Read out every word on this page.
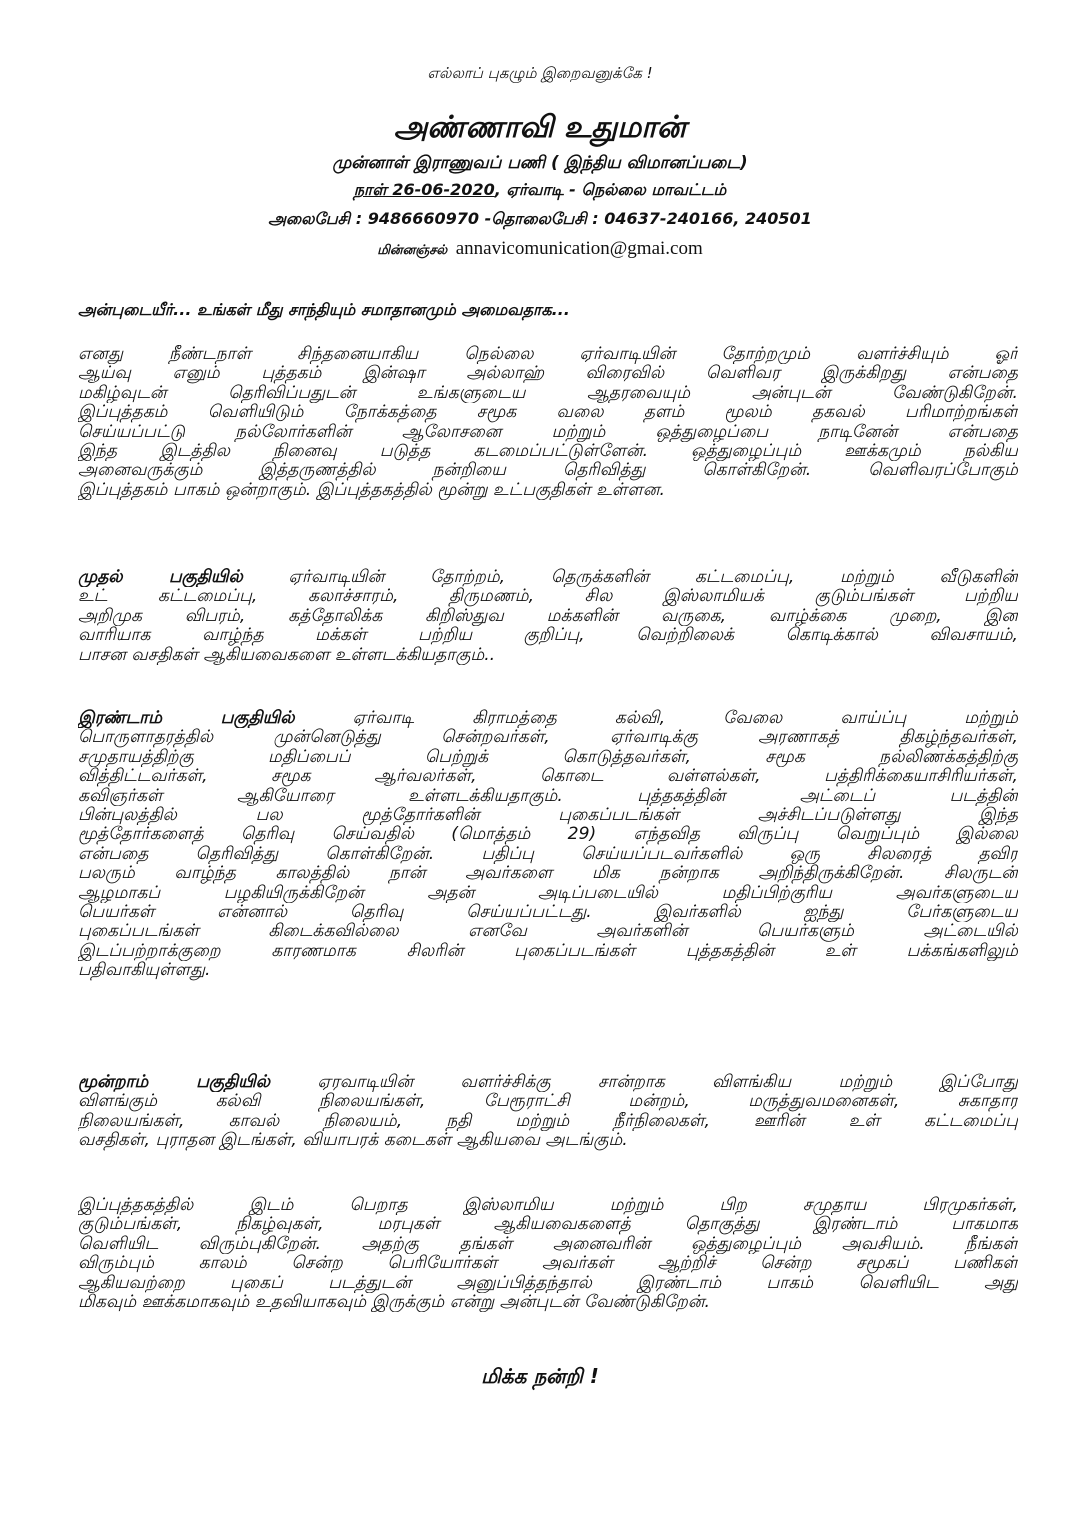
எல்லாப் புகழும் இறைவனுக்கே !
அண்ணாவி உதுமான்
முன்னாள் இராணுவப் பணி ( இந்திய விமானப்படை)
நாள் 26-06-2020, ஏர்வாடி - நெல்லை மாவட்டம்
அலைபேசி : 9486660970 -தொலைபேசி : 04637-240166, 240501
மின்னஞ்சல் annavicomunication@gmai.com
அன்புடையீர்... உங்கள் மீது சாந்தியும் சமாதானமும் அமைவதாக...
எனது நீண்டநாள் சிந்தனையாகிய நெல்லை ஏர்வாடியின் தோற்றமும் வளர்ச்சியும் ஓர்
ஆய்வு எனும் புத்தகம் இன்ஷா அல்லாஹ் விரைவில் வெளிவர இருக்கிறது என்பதை
மகிழ்வுடன் தெரிவிப்பதுடன் உங்களுடைய ஆதரவையும் அன்புடன் வேண்டுகிறேன்.
இப்புத்தகம் வெளியிடும் நோக்கத்தை சமூக வலை தளம் மூலம் தகவல் பரிமாற்றங்கள்
செய்யப்பட்டு நல்லோர்களின் ஆலோசனை மற்றும் ஒத்துழைப்பை நாடினேன் என்பதை
இந்த இடத்தில நினைவு படுத்த கடமைப்பட்டுள்ளேன். ஒத்துழைப்பும் ஊக்கமும் நல்கிய
அனைவருக்கும் இத்தருணத்தில் நன்றியை தெரிவித்து கொள்கிறேன். வெளிவரப்போகும்
இப்புத்தகம் பாகம் ஒன்றாகும். இப்புத்தகத்தில் மூன்று உட்பகுதிகள் உள்ளன.
முதல் பகுதியில் ஏர்வாடியின் தோற்றம், தெருக்களின் கட்டமைப்பு, மற்றும் வீடுகளின்
உட் கட்டமைப்பு, கலாச்சாரம், திருமணம், சில இஸ்லாமியக் குடும்பங்கள் பற்றிய
அறிமுக விபரம், கத்தோலிக்க கிறிஸ்துவ மக்களின் வருகை, வாழ்க்கை முறை, இன
வாரியாக வாழ்ந்த மக்கள் பற்றிய குறிப்பு, வெற்றிலைக் கொடிக்கால் விவசாயம்,
பாசன வசதிகள் ஆகியவைகளை உள்ளடக்கியதாகும்..
இரண்டாம் பகுதியில் ஏர்வாடி கிராமத்தை கல்வி, வேலை வாய்ப்பு மற்றும்
பொருளாதரத்தில் முன்னெடுத்து சென்றவர்கள், ஏர்வாடிக்கு அரணாகத் திகழ்ந்தவர்கள்,
சமுதாயத்திற்கு மதிப்பைப் பெற்றுக் கொடுத்தவர்கள், சமூக நல்லிணக்கத்திற்கு
வித்திட்டவர்கள், சமூக ஆர்வலர்கள், கொடை வள்ளல்கள், பத்திரிக்கையாசிரியர்கள்,
கவிஞர்கள் ஆகியோரை உள்ளடக்கியதாகும். புத்தகத்தின் அட்டைப் படத்தின்
பின்புலத்தில் பல மூத்தோர்களின் புகைப்படங்கள் அச்சிடப்படுள்ளது இந்த
மூத்தோர்களைத் தெரிவு செய்வதில் (மொத்தம் 29) எந்தவித விருப்பு வெறுப்பும் இல்லை
என்பதை தெரிவித்து கொள்கிறேன். பதிப்பு செய்யப்படவர்களில் ஒரு சிலரைத் தவிர
பலரும் வாழ்ந்த காலத்தில் நான் அவர்களை மிக நன்றாக அறிந்திருக்கிறேன். சிலருடன்
ஆழமாகப் பழகியிருக்கிறேன் அதன் அடிப்படையில் மதிப்பிற்குரிய அவர்களுடைய
பெயர்கள் என்னால் தெரிவு செய்யப்பட்டது. இவர்களில் ஐந்து பேர்களுடைய
புகைப்படங்கள் கிடைக்கவில்லை எனவே அவர்களின் பெயர்களும் அட்டையில்
இடப்பற்றாக்குறை காரணமாக சிலரின் புகைப்படங்கள் புத்தகத்தின் உள் பக்கங்களிலும்
பதிவாகியுள்ளது.
மூன்றாம் பகுதியில் ஏரவாடியின் வளர்ச்சிக்கு சான்றாக விளங்கிய மற்றும் இப்போது
விளங்கும் கல்வி நிலையங்கள், பேரூராட்சி மன்றம், மருத்துவமனைகள், சுகாதார
நிலையங்கள், காவல் நிலையம், நதி மற்றும் நீர்நிலைகள், ஊரின் உள் கட்டமைப்பு
வசதிகள், புராதன இடங்கள், வியாபரக் கடைகள் ஆகியவை அடங்கும்.
இப்புத்தகத்தில் இடம் பெறாத இஸ்லாமிய மற்றும் பிற சமுதாய பிரமுகர்கள்,
குடும்பங்கள், நிகழ்வுகள், மரபுகள் ஆகியவைகளைத் தொகுத்து இரண்டாம் பாகமாக
வெளியிட விரும்புகிறேன். அதற்கு தங்கள் அனைவரின் ஒத்துழைப்பும் அவசியம். நீங்கள்
விரும்பும் காலம் சென்ற பெரியோர்கள் அவர்கள் ஆற்றிச் சென்ற சமூகப் பணிகள்
ஆகியவற்றை புகைப் படத்துடன் அனுப்பித்தந்தால் இரண்டாம் பாகம் வெளியிட அது
மிகவும் ஊக்கமாகவும் உதவியாகவும் இருக்கும் என்று அன்புடன் வேண்டுகிறேன்.
மிக்க நன்றி !
